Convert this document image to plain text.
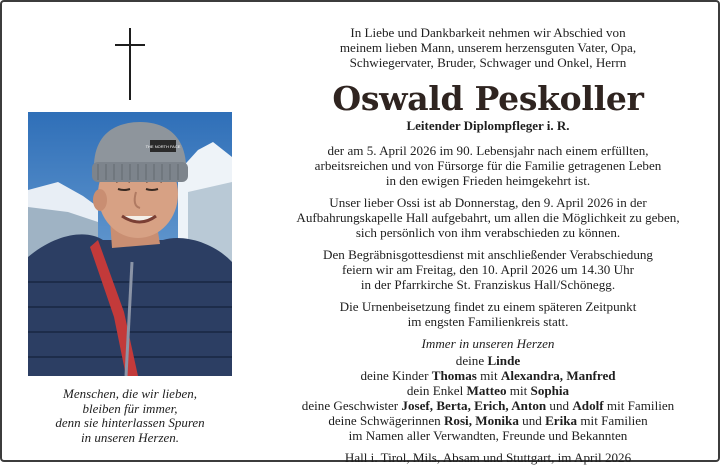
THE NORTH FACE
Menschen, die wir lieben,
bleiben für immer,
denn sie hinterlassen Spuren
in unseren Herzen.
In Liebe und Dankbarkeit nehmen wir Abschied von
meinem lieben Mann, unserem herzensguten Vater, Opa,
Schwiegervater, Bruder, Schwager und Onkel, Herrn
Oswald Peskoller
Leitender Diplompfleger i. R.
der am 5. April 2026 im 90. Lebensjahr nach einem erfüllten,
arbeitsreichen und von Fürsorge für die Familie getragenen Leben
in den ewigen Frieden heimgekehrt ist.
Unser lieber Ossi ist ab Donnerstag, den 9. April 2026 in der
Aufbahrungskapelle Hall aufgebahrt, um allen die Möglichkeit zu geben,
sich persönlich von ihm verabschieden zu können.
Den Begräbnisgottesdienst mit anschließender Verabschiedung
feiern wir am Freitag, den 10. April 2026 um 14.30 Uhr
in der Pfarrkirche St. Franziskus Hall/Schönegg.
Die Urnenbeisetzung findet zu einem späteren Zeitpunkt
im engsten Familienkreis statt.
Immer in unseren Herzen
deine Linde
deine Kinder Thomas mit Alexandra, Manfred
dein Enkel Matteo mit Sophia
deine Geschwister Josef, Berta, Erich, Anton und Adolf mit Familien
deine Schwägerinnen Rosi, Monika und Erika mit Familien
im Namen aller Verwandten, Freunde und Bekannten
Hall i. Tirol, Mils, Absam und Stuttgart, im April 2026
